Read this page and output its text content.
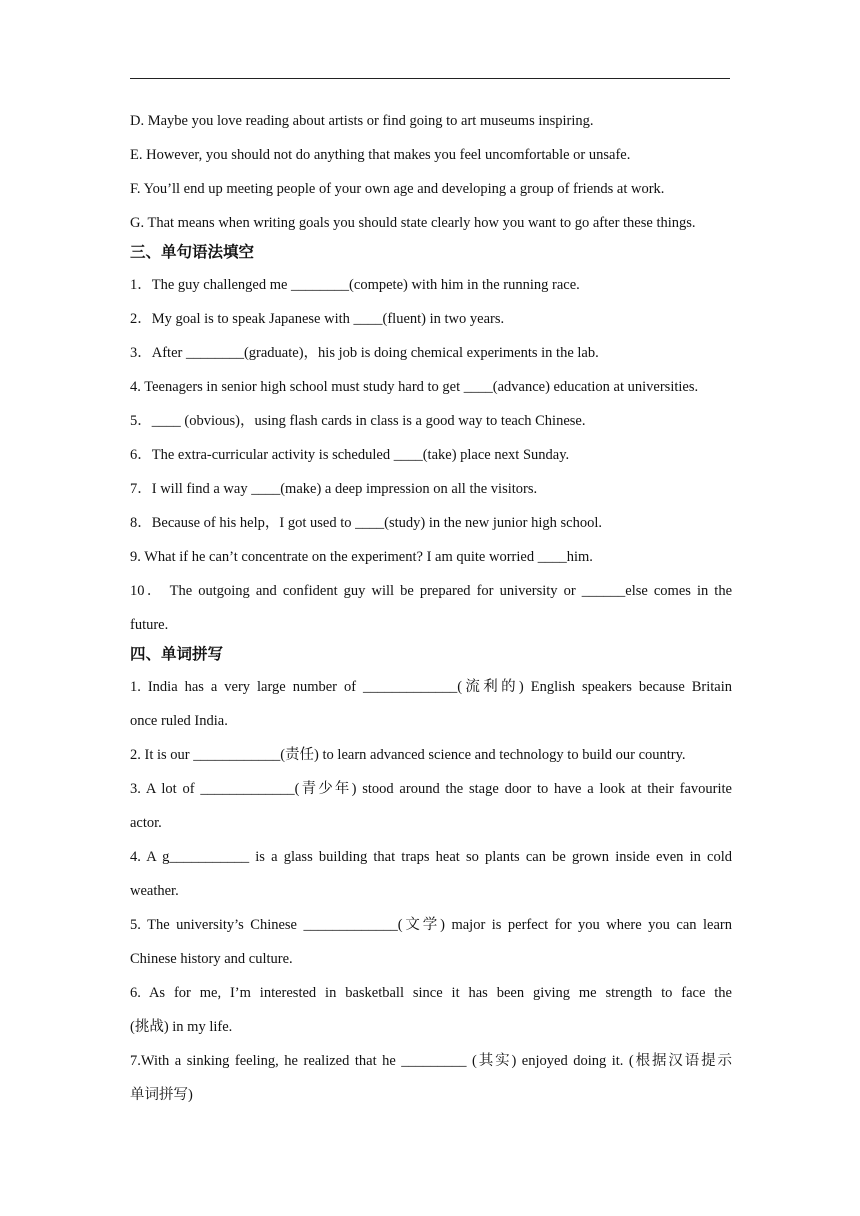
D. Maybe you love reading about artists or find going to art museums inspiring.
E. However, you should not do anything that makes you feel uncomfortable or unsafe.
F. You’ll end up meeting people of your own age and developing a group of friends at work.
G. That means when writing goals you should state clearly how you want to go after these things.
三、单句语法填空
1．The guy challenged me ________(compete) with him in the running race.
2．My goal is to speak Japanese with ____(fluent) in two years.
3．After ________(graduate)，his job is doing chemical experiments in the lab.
4. Teenagers in senior high school must study hard to get ____(advance) education at universities.
5．____ (obvious)，using flash cards in class is a good way to teach Chinese.
6．The extra-curricular activity is scheduled ____(take) place next Sunday.
7．I will find a way ____(make) a deep impression on all the visitors.
8．Because of his help，I got used to ____(study) in the new junior high school.
9. What if he can’t concentrate on the experiment? I am quite worried ____him.
10． The outgoing and confident guy will be prepared for university or ______else comes in the
future.
四、单词拼写
1. India has a very large number of _____________(流利的) English speakers because Britain
once ruled India.
2. It is our ____________(责任) to learn advanced science and technology to build our country.
3. A lot of _____________(青少年) stood around the stage door to have a look at their favourite
actor.
4. A g___________ is a glass building that traps heat so plants can be grown inside even in cold
weather.
5. The university’s Chinese _____________(文学) major is perfect for you where you can learn
Chinese history and culture.
6. As for me, I’m interested in basketball since it has been giving me strength to face the
(挑战) in my life.
7.With a sinking feeling, he realized that he _________ (其实) enjoyed doing it. (根据汉语提示
单词拼写)
